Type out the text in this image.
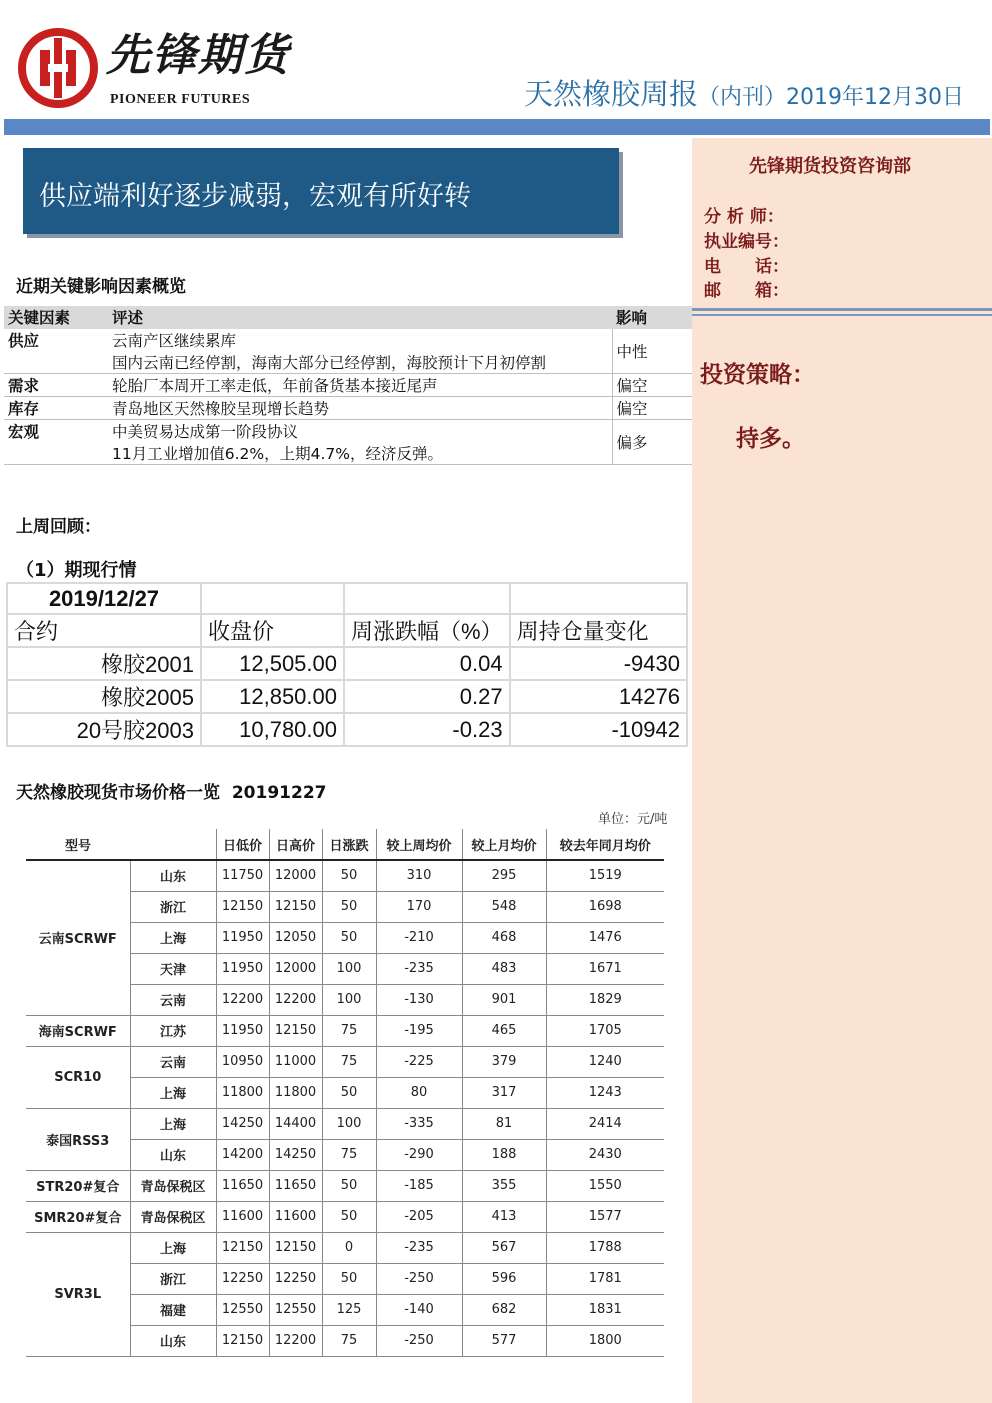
先锋期货
PIONEER FUTURES	天然橡胶周报（内刊）2019年12月30日
先锋期货投资咨询部
分 析 师：
执业编号：
电　　话：
邮　　箱：
投资策略：
持多。
供应端利好逐步减弱，宏观有所好转
近期关键影响因素概览
关键因素	评述	影响
供应	云南产区继续累库	中性
	国内云南已经停割，海南大部分已经停割，海胶预计下月初停割	
需求	轮胎厂本周开工率走低，年前备货基本接近尾声	偏空
库存	青岛地区天然橡胶呈现增长趋势	偏空
宏观	中美贸易达成第一阶段协议	偏多
	11月工业增加值6.2%，上期4.7%，经济反弹。	
上周回顾：
（1）期现行情
2019/12/27			
合约	收盘价	周涨跌幅（%）	周持仓量变化
橡胶2001	12,505.00	0.04	-9430
橡胶2005	12,850.00	0.27	14276
20号胶2003	10,780.00	-0.23	-10942
天然橡胶现货市场价格一览 20191227
单位：元/吨
型号		日低价	日高价	日涨跌	较上周均价	较上月均价	较去年同月均价
云南SCRWF	山东	11750	12000	50	310	295	1519
	浙江	12150	12150	50	170	548	1698
	上海	11950	12050	50	-210	468	1476
	天津	11950	12000	100	-235	483	1671
	云南	12200	12200	100	-130	901	1829
海南SCRWF	江苏	11950	12150	75	-195	465	1705
SCR10	云南	10950	11000	75	-225	379	1240
	上海	11800	11800	50	80	317	1243
泰国RSS3	上海	14250	14400	100	-335	81	2414
	山东	14200	14250	75	-290	188	2430
STR20#复合	青岛保税区	11650	11650	50	-185	355	1550
SMR20#复合	青岛保税区	11600	11600	50	-205	413	1577
SVR3L	上海	12150	12150	0	-235	567	1788
	浙江	12250	12250	50	-250	596	1781
	福建	12550	12550	125	-140	682	1831
	山东	12150	12200	75	-250	577	1800
